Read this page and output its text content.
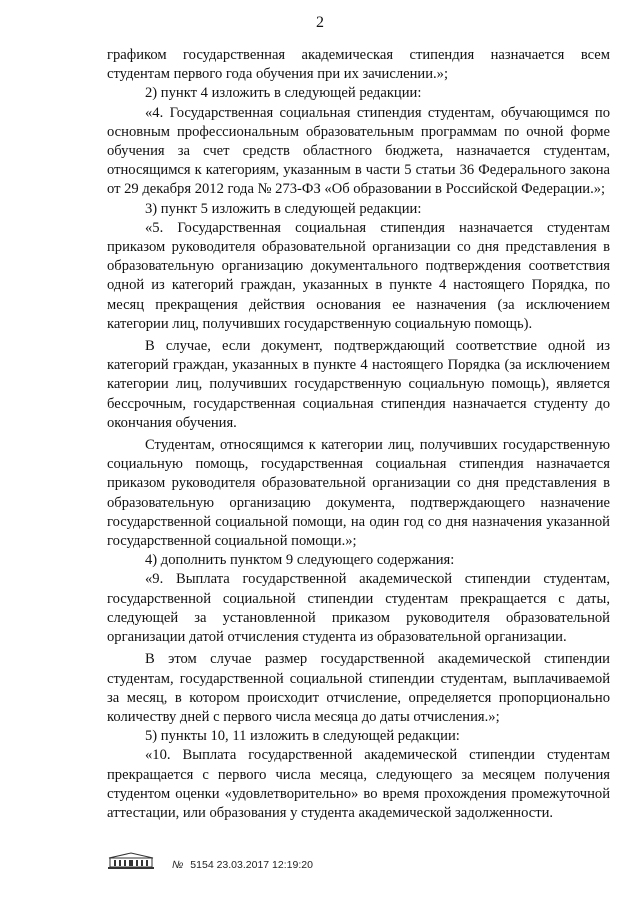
2

графиком государственная академическая стипендия назначается всем студентам первого года обучения при их зачислении.»;

2) пункт 4 изложить в следующей редакции:

«4. Государственная социальная стипендия студентам, обучающимся по основным профессиональным образовательным программам по очной форме обучения за счет средств областного бюджета, назначается студентам, относящимся к категориям, указанным в части 5 статьи 36 Федерального закона от 29 декабря 2012 года № 273-ФЗ «Об образовании в Российской Федерации.»;

3) пункт 5 изложить в следующей редакции:

«5. Государственная социальная стипендия назначается студентам приказом руководителя образовательной организации со дня представления в образовательную организацию документального подтверждения соответствия одной из категорий граждан, указанных в пункте 4 настоящего Порядка, по месяц прекращения действия основания ее назначения (за исключением категории лиц, получивших государственную социальную помощь).

В случае, если документ, подтверждающий соответствие одной из категорий граждан, указанных в пункте 4 настоящего Порядка (за исключением категории лиц, получивших государственную социальную помощь), является бессрочным, государственная социальная стипендия назначается студенту до окончания обучения.

Студентам, относящимся к категории лиц, получивших государственную социальную помощь, государственная социальная стипендия назначается приказом руководителя образовательной организации со дня представления в образовательную организацию документа, подтверждающего назначение государственной социальной помощи, на один год со дня назначения указанной государственной социальной помощи.»;

4) дополнить пунктом 9 следующего содержания:

«9. Выплата государственной академической стипендии студентам, государственной социальной стипендии студентам прекращается с даты, следующей за установленной приказом руководителя образовательной организации датой отчисления студента из образовательной организации.

В этом случае размер государственной академической стипендии студентам, государственной социальной стипендии студентам, выплачиваемой за месяц, в котором происходит отчисление, определяется пропорционально количеству дней с первого числа месяца до даты отчисления.»;

5) пункты 10, 11 изложить в следующей редакции:

«10. Выплата государственной академической стипендии студентам прекращается с первого числа месяца, следующего за месяцем получения студентом оценки «удовлетворительно» во время прохождения промежуточной аттестации, или образования у студента академической задолженности.

№ 5154 23.03.2017 12:19:20
